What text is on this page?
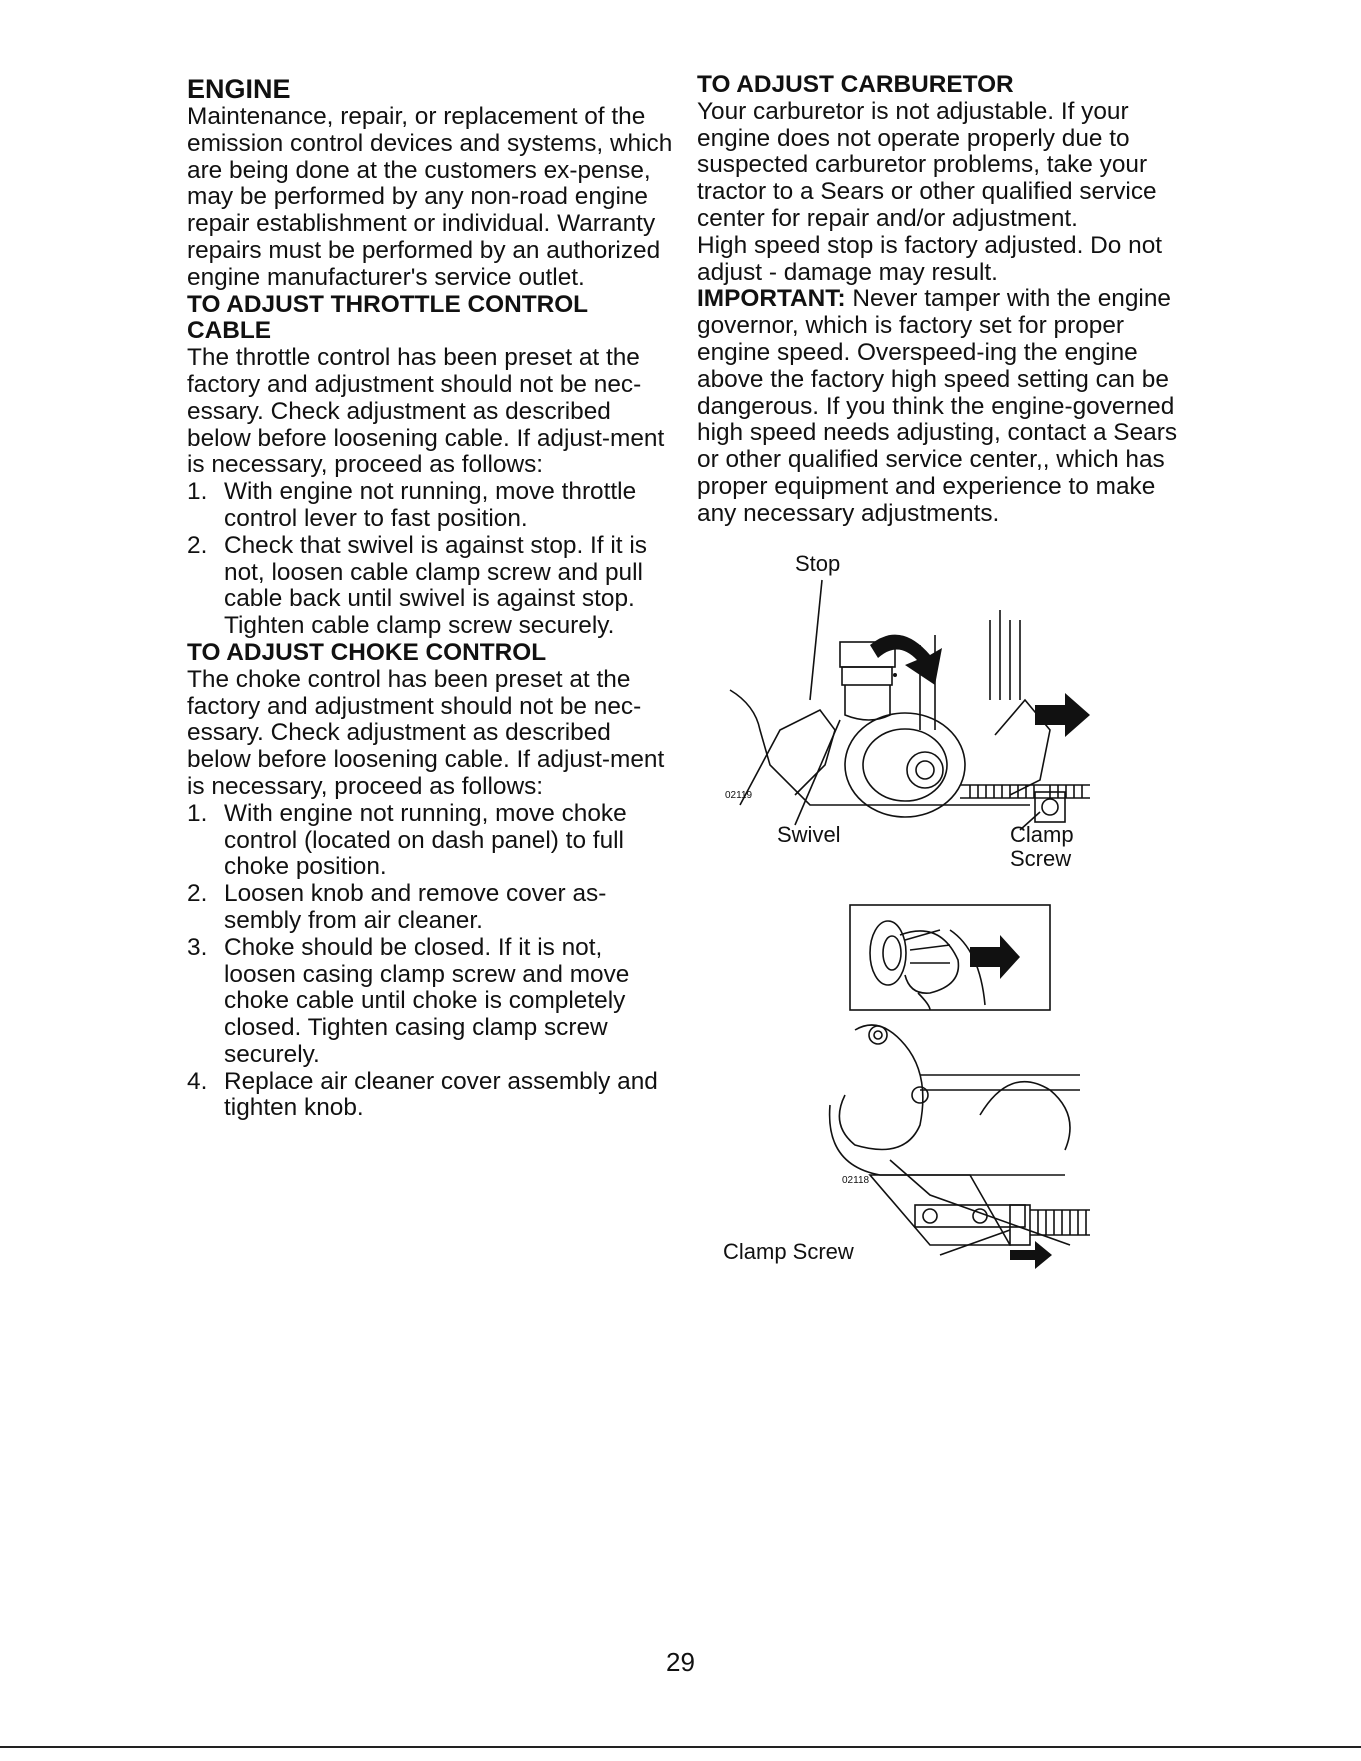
ENGINE

Maintenance, repair, or replacement of the emission control devices and systems, which are being done at the customers ex-pense, may be performed by any non-road engine repair establishment or individual. Warranty repairs must be performed by an authorized engine manufacturer's service outlet.

TO ADJUST THROTTLE CONTROL CABLE

The throttle control has been preset at the factory and adjustment should not be nec-essary. Check adjustment as described below before loosening cable. If adjust-ment is necessary, proceed as follows:

1. With engine not running, move throttle control lever to fast position.
2. Check that swivel is against stop. If it is not, loosen cable clamp screw and pull cable back until swivel is against stop. Tighten cable clamp screw securely.
TO ADJUST CHOKE CONTROL

The choke control has been preset at the factory and adjustment should not be nec-essary. Check adjustment as described below before loosening cable. If adjust-ment is necessary, proceed as follows:

1. With engine not running, move choke control (located on dash panel) to full choke position.
2. Loosen knob and remove cover as-sembly from air cleaner.
3. Choke should be closed. If it is not, loosen casing clamp screw and move choke cable until choke is completely closed. Tighten casing clamp screw securely.
4. Replace air cleaner cover assembly and tighten knob.
TO ADJUST CARBURETOR

Your carburetor is not adjustable. If your engine does not operate properly due to suspected carburetor problems, take your tractor to a Sears or other qualified service center for repair and/or adjustment.

High speed stop is factory adjusted. Do not adjust - damage may result.

IMPORTANT: Never tamper with the engine governor, which is factory set for proper engine speed. Overspeed-ing the engine above the factory high speed setting can be dangerous. If you think the engine-governed high speed needs adjusting, contact a Sears or other qualified service center,, which has proper equipment and experience to make any necessary adjustments.

Stop
Swivel	Clamp
Screw
02119
Clamp Screw
02118
29
